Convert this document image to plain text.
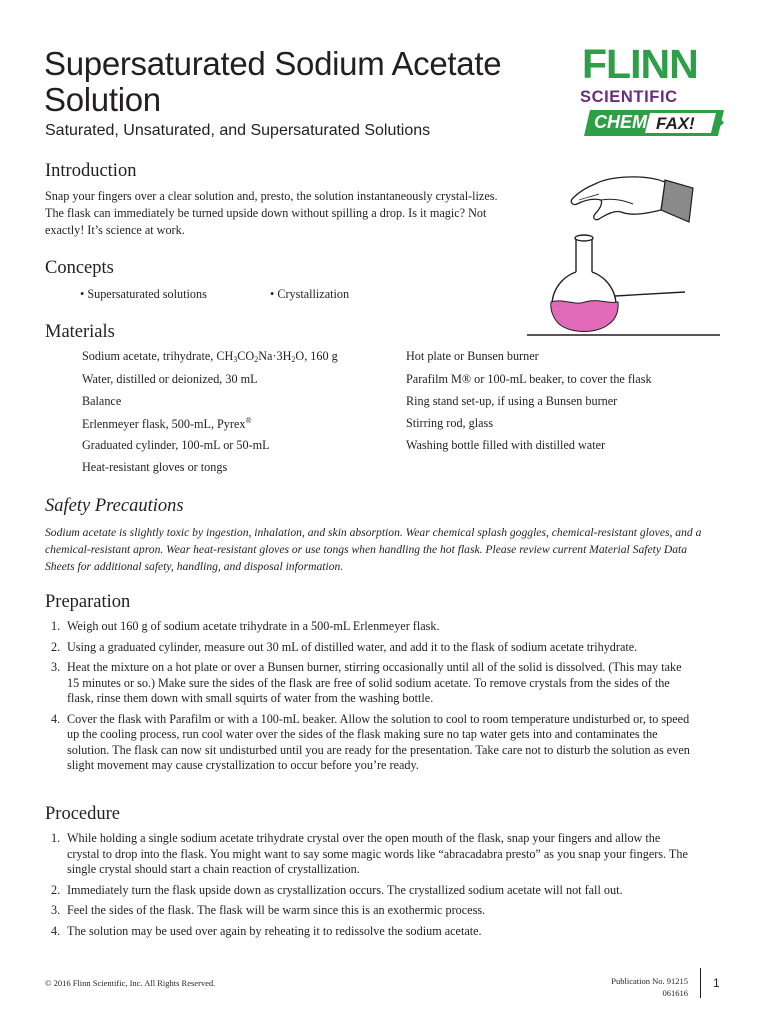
Supersaturated Sodium Acetate Solution
Saturated, Unsaturated, and Supersaturated Solutions
FLINN
SCIENTIFIC
CHEM FAX!
Introduction
Snap your fingers over a clear solution and, presto, the solution instantaneously crystal-lizes. The flask can immediately be turned upside down without spilling a drop. Is it magic? Not exactly! It’s science at work.
Concepts
• Supersaturated solutions	• Crystallization
Materials
Sodium acetate, trihydrate, $CH_3CO_2Na\cdot 3H_2O$, 160 g
Water, distilled or deionized, 30 mL
Balance
Erlenmeyer flask, 500-mL, Pyrex®
Graduated cylinder, 100-mL or 50-mL
Heat-resistant gloves or tongs
Hot plate or Bunsen burner
Parafilm M® or 100-mL beaker, to cover the flask
Ring stand set-up, if using a Bunsen burner
Stirring rod, glass
Washing bottle filled with distilled water
Safety Precautions
Sodium acetate is slightly toxic by ingestion, inhalation, and skin absorption. Wear chemical splash goggles, chemical-resistant gloves, and a chemical-resistant apron. Wear heat-resistant gloves or use tongs when handling the hot flask. Please review current Material Safety Data Sheets for additional safety, handling, and disposal information.
Preparation
1. Weigh out 160 g of sodium acetate trihydrate in a 500-mL Erlenmeyer flask.
2. Using a graduated cylinder, measure out 30 mL of distilled water, and add it to the flask of sodium acetate trihydrate.
3. Heat the mixture on a hot plate or over a Bunsen burner, stirring occasionally until all of the solid is dissolved. (This may take 15 minutes or so.) Make sure the sides of the flask are free of solid sodium acetate. To remove crystals from the sides of the flask, rinse them down with small squirts of water from the washing bottle.
4. Cover the flask with Parafilm or with a 100-mL beaker. Allow the solution to cool to room temperature undisturbed or, to speed up the cooling process, run cool water over the sides of the flask making sure no tap water gets into and contaminates the solution. The flask can now sit undisturbed until you are ready for the presentation. Take care not to disturb the solution as even slight movement may cause crystallization to occur before you’re ready.
Procedure
1. While holding a single sodium acetate trihydrate crystal over the open mouth of the flask, snap your fingers and allow the crystal to drop into the flask. You might want to say some magic words like “abracadabra presto” as you snap your fingers. The single crystal should start a chain reaction of crystallization.
2. Immediately turn the flask upside down as crystallization occurs. The crystallized sodium acetate will not fall out.
3. Feel the sides of the flask. The flask will be warm since this is an exothermic process.
4. The solution may be used over again by reheating it to redissolve the sodium acetate.
© 2016 Flinn Scientific, Inc. All Rights Reserved.	Publication No. 91215
061616
1
